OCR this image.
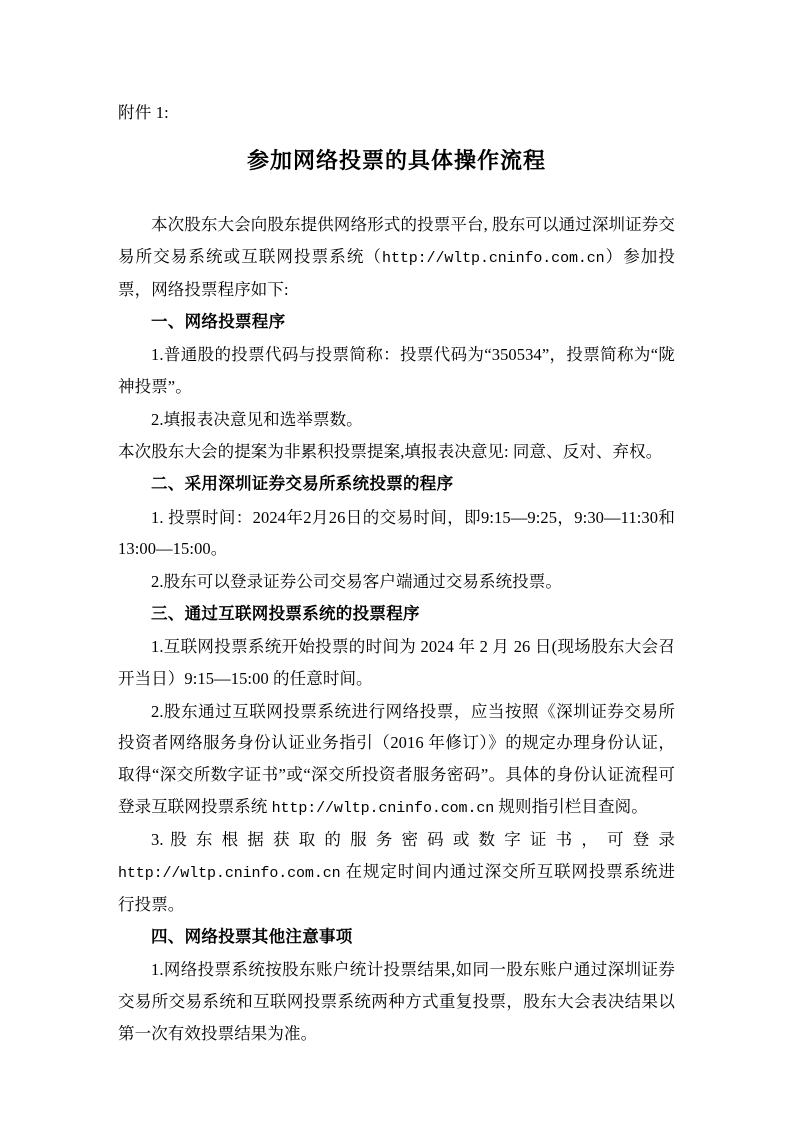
附件 1:

参加网络投票的具体操作流程

本次股东大会向股东提供网络形式的投票平台, 股东可以通过深圳证券交易所交易系统或互联网投票系统（http://wltp.cninfo.com.cn）参加投票，网络投票程序如下:

一、网络投票程序

1.普通股的投票代码与投票简称：投票代码为“350534”，投票简称为“陇神投票”。

2.填报表决意见和选举票数。

本次股东大会的提案为非累积投票提案,填报表决意见: 同意、反对、弃权。

二、采用深圳证券交易所系统投票的程序

1. 投票时间：2024年2月26日的交易时间，即9:15—9:25，9:30—11:30和13:00—15:00。

2.股东可以登录证券公司交易客户端通过交易系统投票。

三、通过互联网投票系统的投票程序

1.互联网投票系统开始投票的时间为 2024 年 2 月 26 日(现场股东大会召开当日）9:15—15:00 的任意时间。

2.股东通过互联网投票系统进行网络投票，应当按照《深圳证券交易所投资者网络服务身份认证业务指引（2016 年修订）》的规定办理身份认证，取得“深交所数字证书”或“深交所投资者服务密码”。具体的身份认证流程可登录互联网投票系统 http://wltp.cninfo.com.cn 规则指引栏目查阅。

3. 股 东 根 据 获 取 的 服 务 密 码 或 数 字 证 书 ， 可 登 录 http://wltp.cninfo.com.cn 在规定时间内通过深交所互联网投票系统进行投票。

四、网络投票其他注意事项

1.网络投票系统按股东账户统计投票结果,如同一股东账户通过深圳证券交易所交易系统和互联网投票系统两种方式重复投票，股东大会表决结果以第一次有效投票结果为准。
